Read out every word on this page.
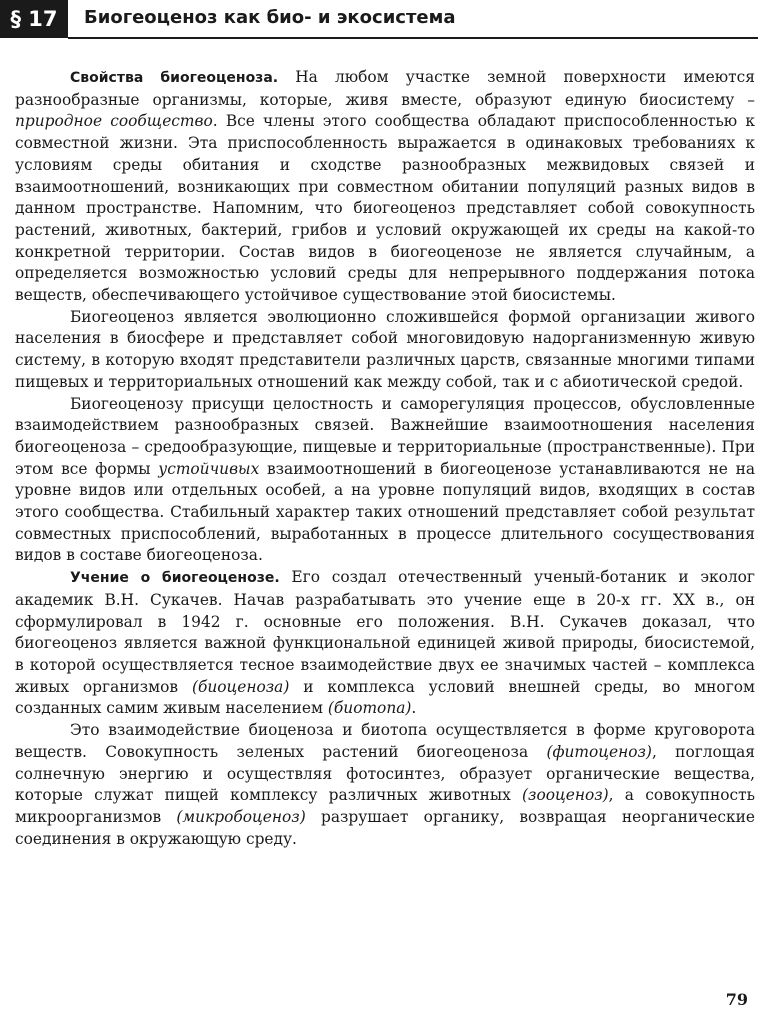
§ 17	Биогеоценоз как био- и экосистема

Свойства биогеоценоза. На любом участке земной поверхности имеются разнообразные организмы, которые, живя вместе, образуют единую биосистему – природное сообщество. Все члены этого сообщества обладают приспособленностью к совместной жизни. Эта приспособленность выражается в одинаковых требованиях к условиям среды обитания и сходстве разнообразных межвидовых связей и взаимоотношений, возникающих при совместном обитании популяций разных видов в данном пространстве. Напомним, что биогеоценоз представляет собой совокупность растений, животных, бактерий, грибов и условий окружающей их среды на какой-то конкретной территории. Состав видов в биогеоценозе не является случайным, а определяется возможностью условий среды для непрерывного поддержания потока веществ, обеспечивающего устойчивое существование этой биосистемы.

Биогеоценоз является эволюционно сложившейся формой организации живого населения в биосфере и представляет собой многовидовую надорганизменную живую систему, в которую входят представители различных царств, связанные многими типами пищевых и территориальных отношений как между собой, так и с абиотической средой.

Биогеоценозу присущи целостность и саморегуляция процессов, обусловленные взаимодействием разнообразных связей. Важнейшие взаимоотношения населения биогеоценоза – средообразующие, пищевые и территориальные (пространственные). При этом все формы устойчивых взаимоотношений в биогеоценозе устанавливаются не на уровне видов или отдельных особей, а на уровне популяций видов, входящих в состав этого сообщества. Стабильный характер таких отношений представляет собой результат совместных приспособлений, выработанных в процессе длительного сосуществования видов в составе биогеоценоза.

Учение о биогеоценозе. Его создал отечественный ученый-ботаник и эколог академик В.Н. Сукачев. Начав разрабатывать это учение еще в 20-х гг. XX в., он сформулировал в 1942 г. основные его положения. В.Н. Сукачев доказал, что биогеоценоз является важной функциональной единицей живой природы, биосистемой, в которой осуществляется тесное взаимодействие двух ее значимых частей – комплекса живых организмов (биоценоза) и комплекса условий внешней среды, во многом созданных самим живым населением (биотопа).

Это взаимодействие биоценоза и биотопа осуществляется в форме круговорота веществ. Совокупность зеленых растений биогеоценоза (фитоценоз), поглощая солнечную энергию и осуществляя фотосинтез, образует органические вещества, которые служат пищей комплексу различных животных (зооценоз), а совокупность микроорганизмов (микробоценоз) разрушает органику, возвращая неорганические соединения в окружающую среду.

79
